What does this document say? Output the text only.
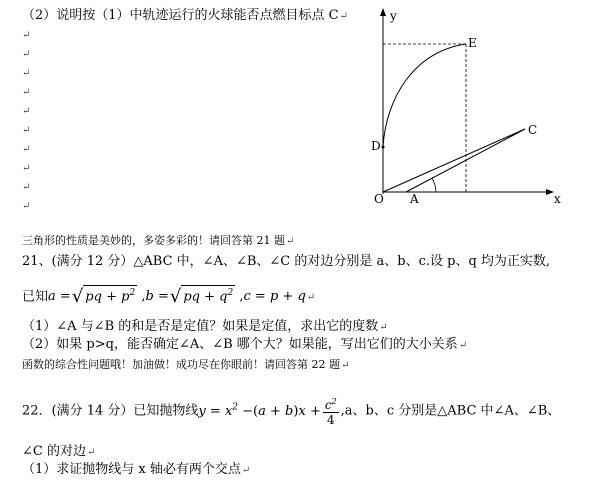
（2）说明按（1）中轨迹运行的火球能否点燃目标点 C↵
↵
↵
↵
↵
↵
↵
↵
↵
↵
↵
y
E
D
C
O A	x
三角形的性质是美妙的，多姿多彩的！请回答第 21 题↵
21、(满分 12 分）△ABC 中，∠A、∠B、∠C 的对边分别是 a、b、c.设 p、q 均为正实数,
已知a =√ pq + $p^2$ ,b =√ pq + $q^2$ ,c = p + q↵
（1）∠A 与∠B 的和是否是定值？如果是定值，求出它的度数↵
（2）如果 p>q，能否确定∠A、∠B 哪个大？如果能，写出它们的大小关系↵
函数的综合性问题哦！加油做！成功尽在你眼前！请回答第 22 题↵
22．(满分 14 分）已知抛物线$y = x^2 -(a + b)x + \frac{c^2}{4} ,a$、b、c 分别是△ABC 中∠A、∠B、
∠C 的对边↵
（1）求证抛物线与 x 轴必有两个交点↵
